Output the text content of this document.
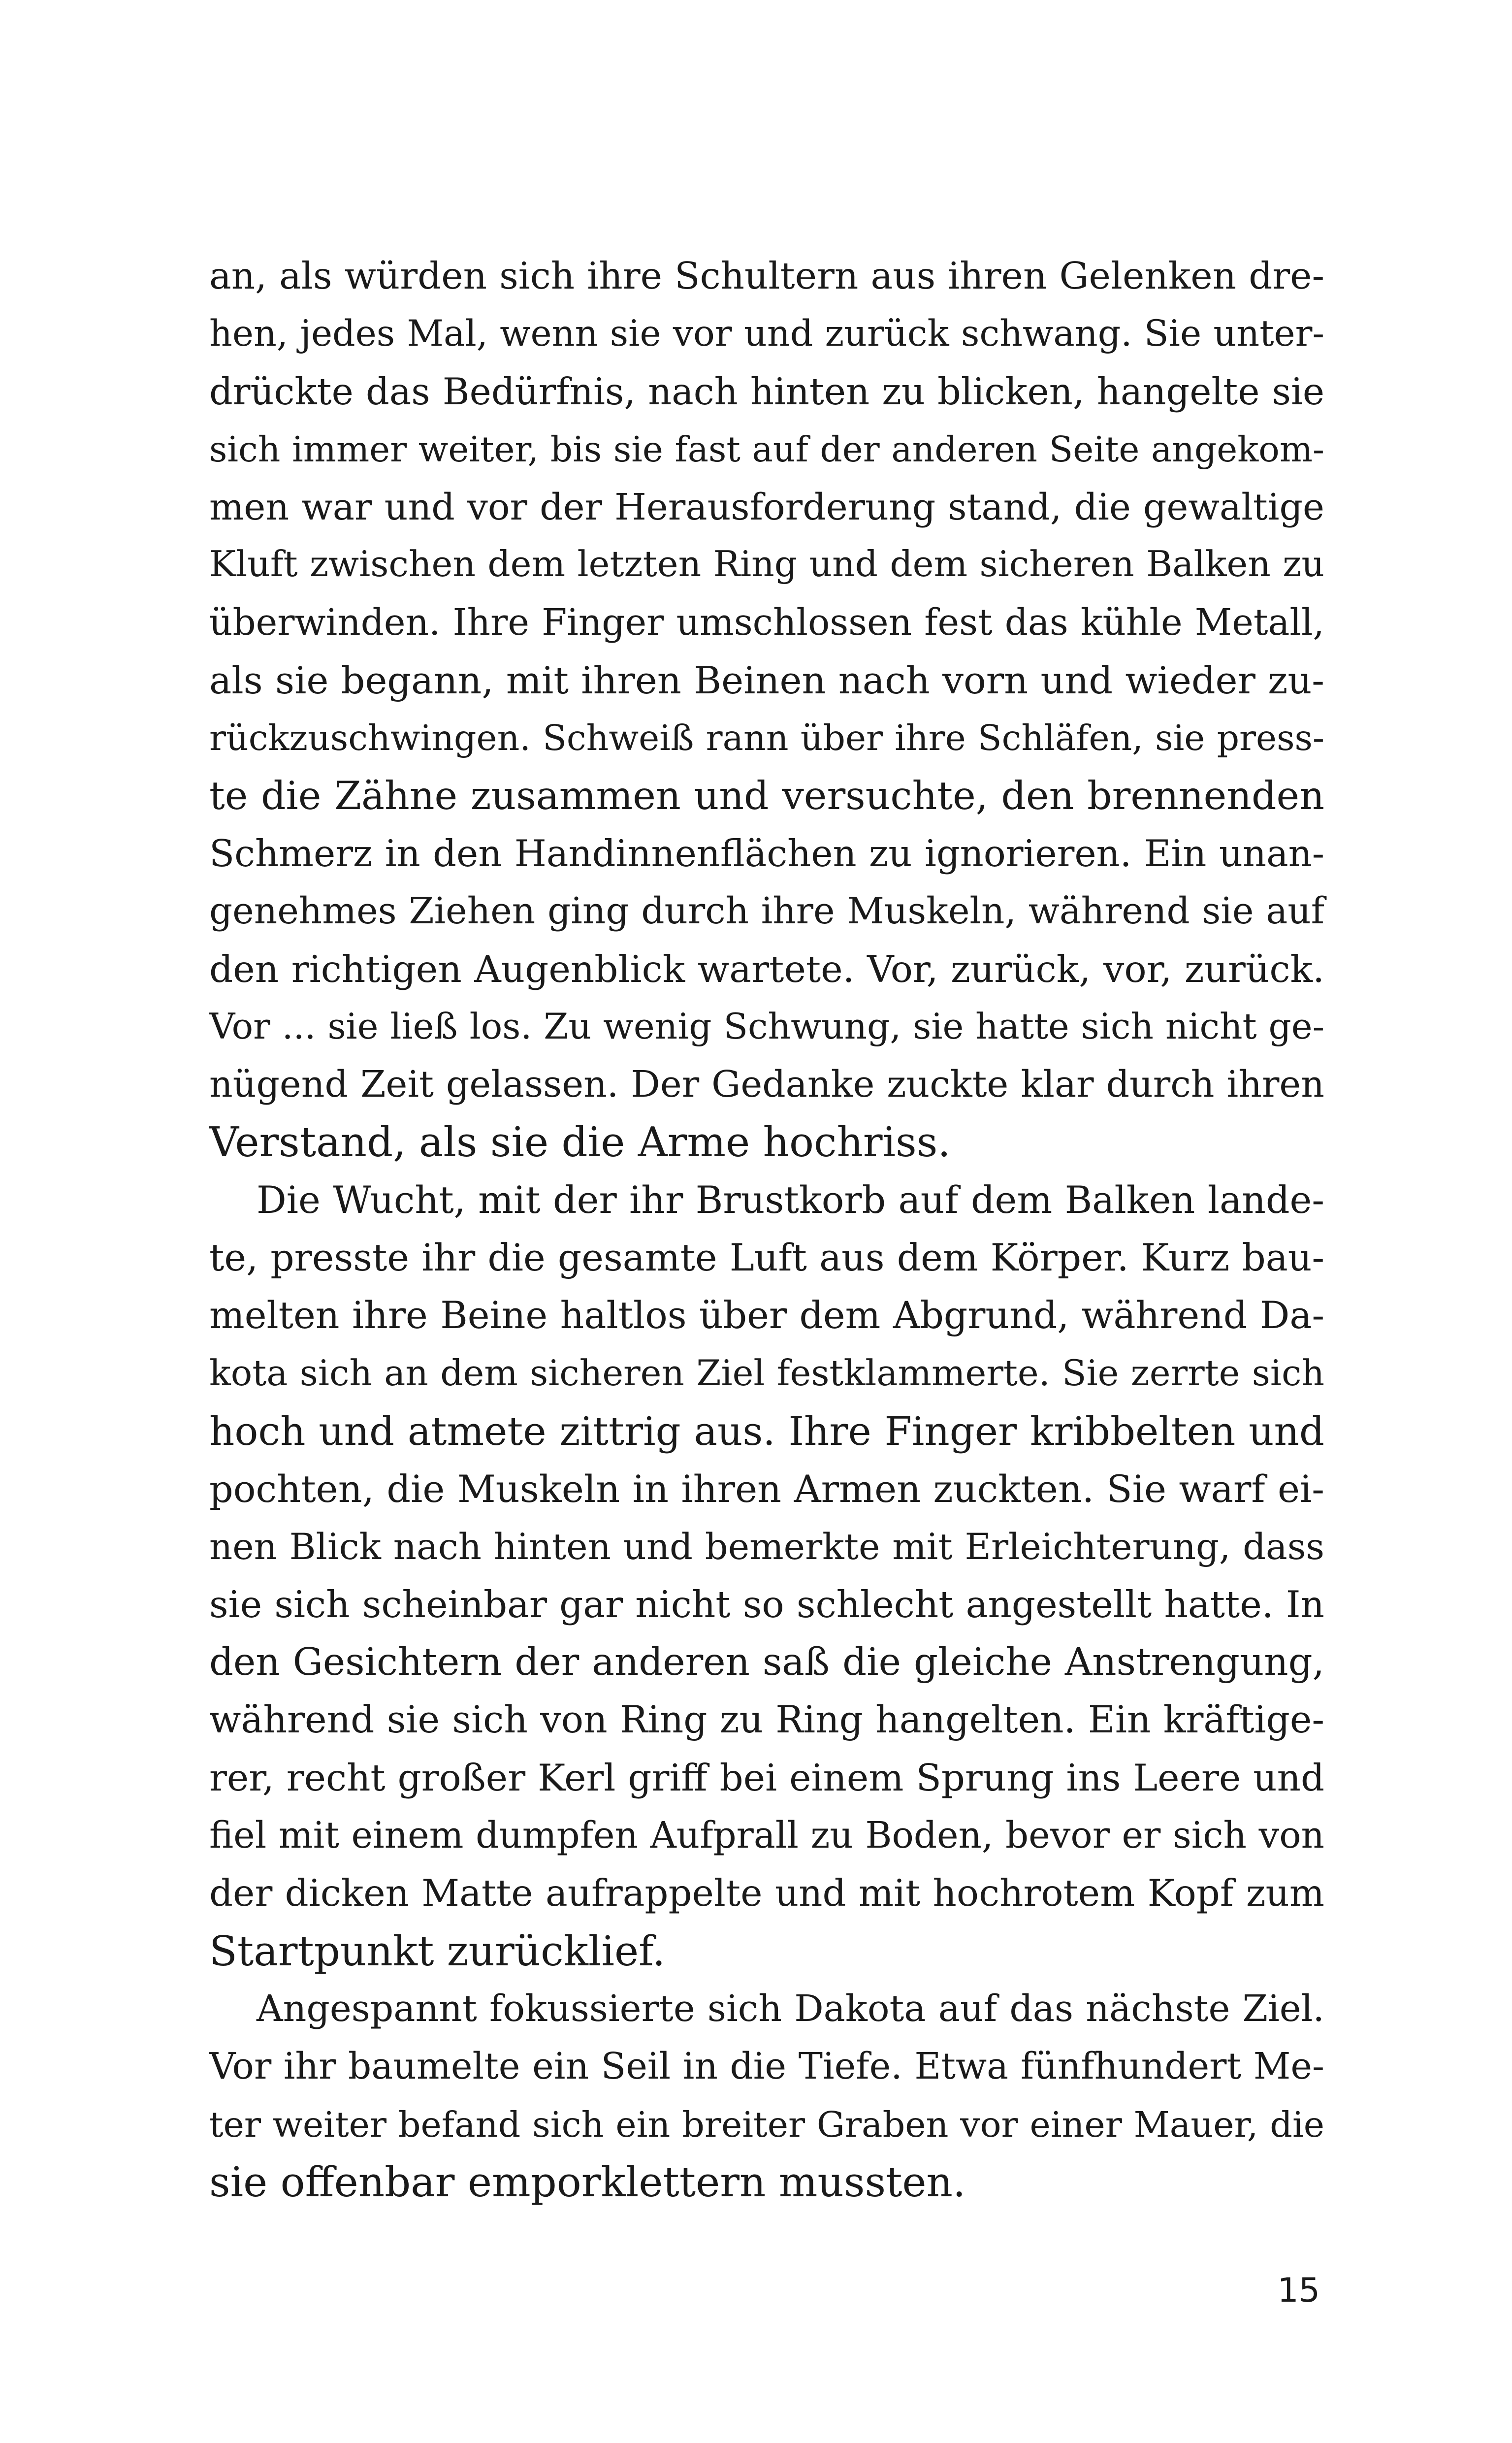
an, als würden sich ihre Schultern aus ihren Gelenken dre-
hen, jedes Mal, wenn sie vor und zurück schwang. Sie unter-
drückte das Bedürfnis, nach hinten zu blicken, hangelte sie
sich immer weiter, bis sie fast auf der anderen Seite angekom-
men war und vor der Herausforderung stand, die gewaltige
Kluft zwischen dem letzten Ring und dem sicheren Balken zu
überwinden. Ihre Finger umschlossen fest das kühle Metall,
als sie begann, mit ihren Beinen nach vorn und wieder zu-
rückzuschwingen. Schweiß rann über ihre Schläfen, sie press-
te die Zähne zusammen und versuchte, den brennenden
Schmerz in den Handinnenflächen zu ignorieren. Ein unan-
genehmes Ziehen ging durch ihre Muskeln, während sie auf
den richtigen Augenblick wartete. Vor, zurück, vor, zurück.
Vor ... sie ließ los. Zu wenig Schwung, sie hatte sich nicht ge-
nügend Zeit gelassen. Der Gedanke zuckte klar durch ihren
Verstand, als sie die Arme hochriss.
Die Wucht, mit der ihr Brustkorb auf dem Balken lande-
te, presste ihr die gesamte Luft aus dem Körper. Kurz bau-
melten ihre Beine haltlos über dem Abgrund, während Da-
kota sich an dem sicheren Ziel festklammerte. Sie zerrte sich
hoch und atmete zittrig aus. Ihre Finger kribbelten und
pochten, die Muskeln in ihren Armen zuckten. Sie warf ei-
nen Blick nach hinten und bemerkte mit Erleichterung, dass
sie sich scheinbar gar nicht so schlecht angestellt hatte. In
den Gesichtern der anderen saß die gleiche Anstrengung,
während sie sich von Ring zu Ring hangelten. Ein kräftige-
rer, recht großer Kerl griff bei einem Sprung ins Leere und
fiel mit einem dumpfen Aufprall zu Boden, bevor er sich von
der dicken Matte aufrappelte und mit hochrotem Kopf zum
Startpunkt zurücklief.
Angespannt fokussierte sich Dakota auf das nächste Ziel.
Vor ihr baumelte ein Seil in die Tiefe. Etwa fünfhundert Me-
ter weiter befand sich ein breiter Graben vor einer Mauer, die
sie offenbar emporklettern mussten.
15
